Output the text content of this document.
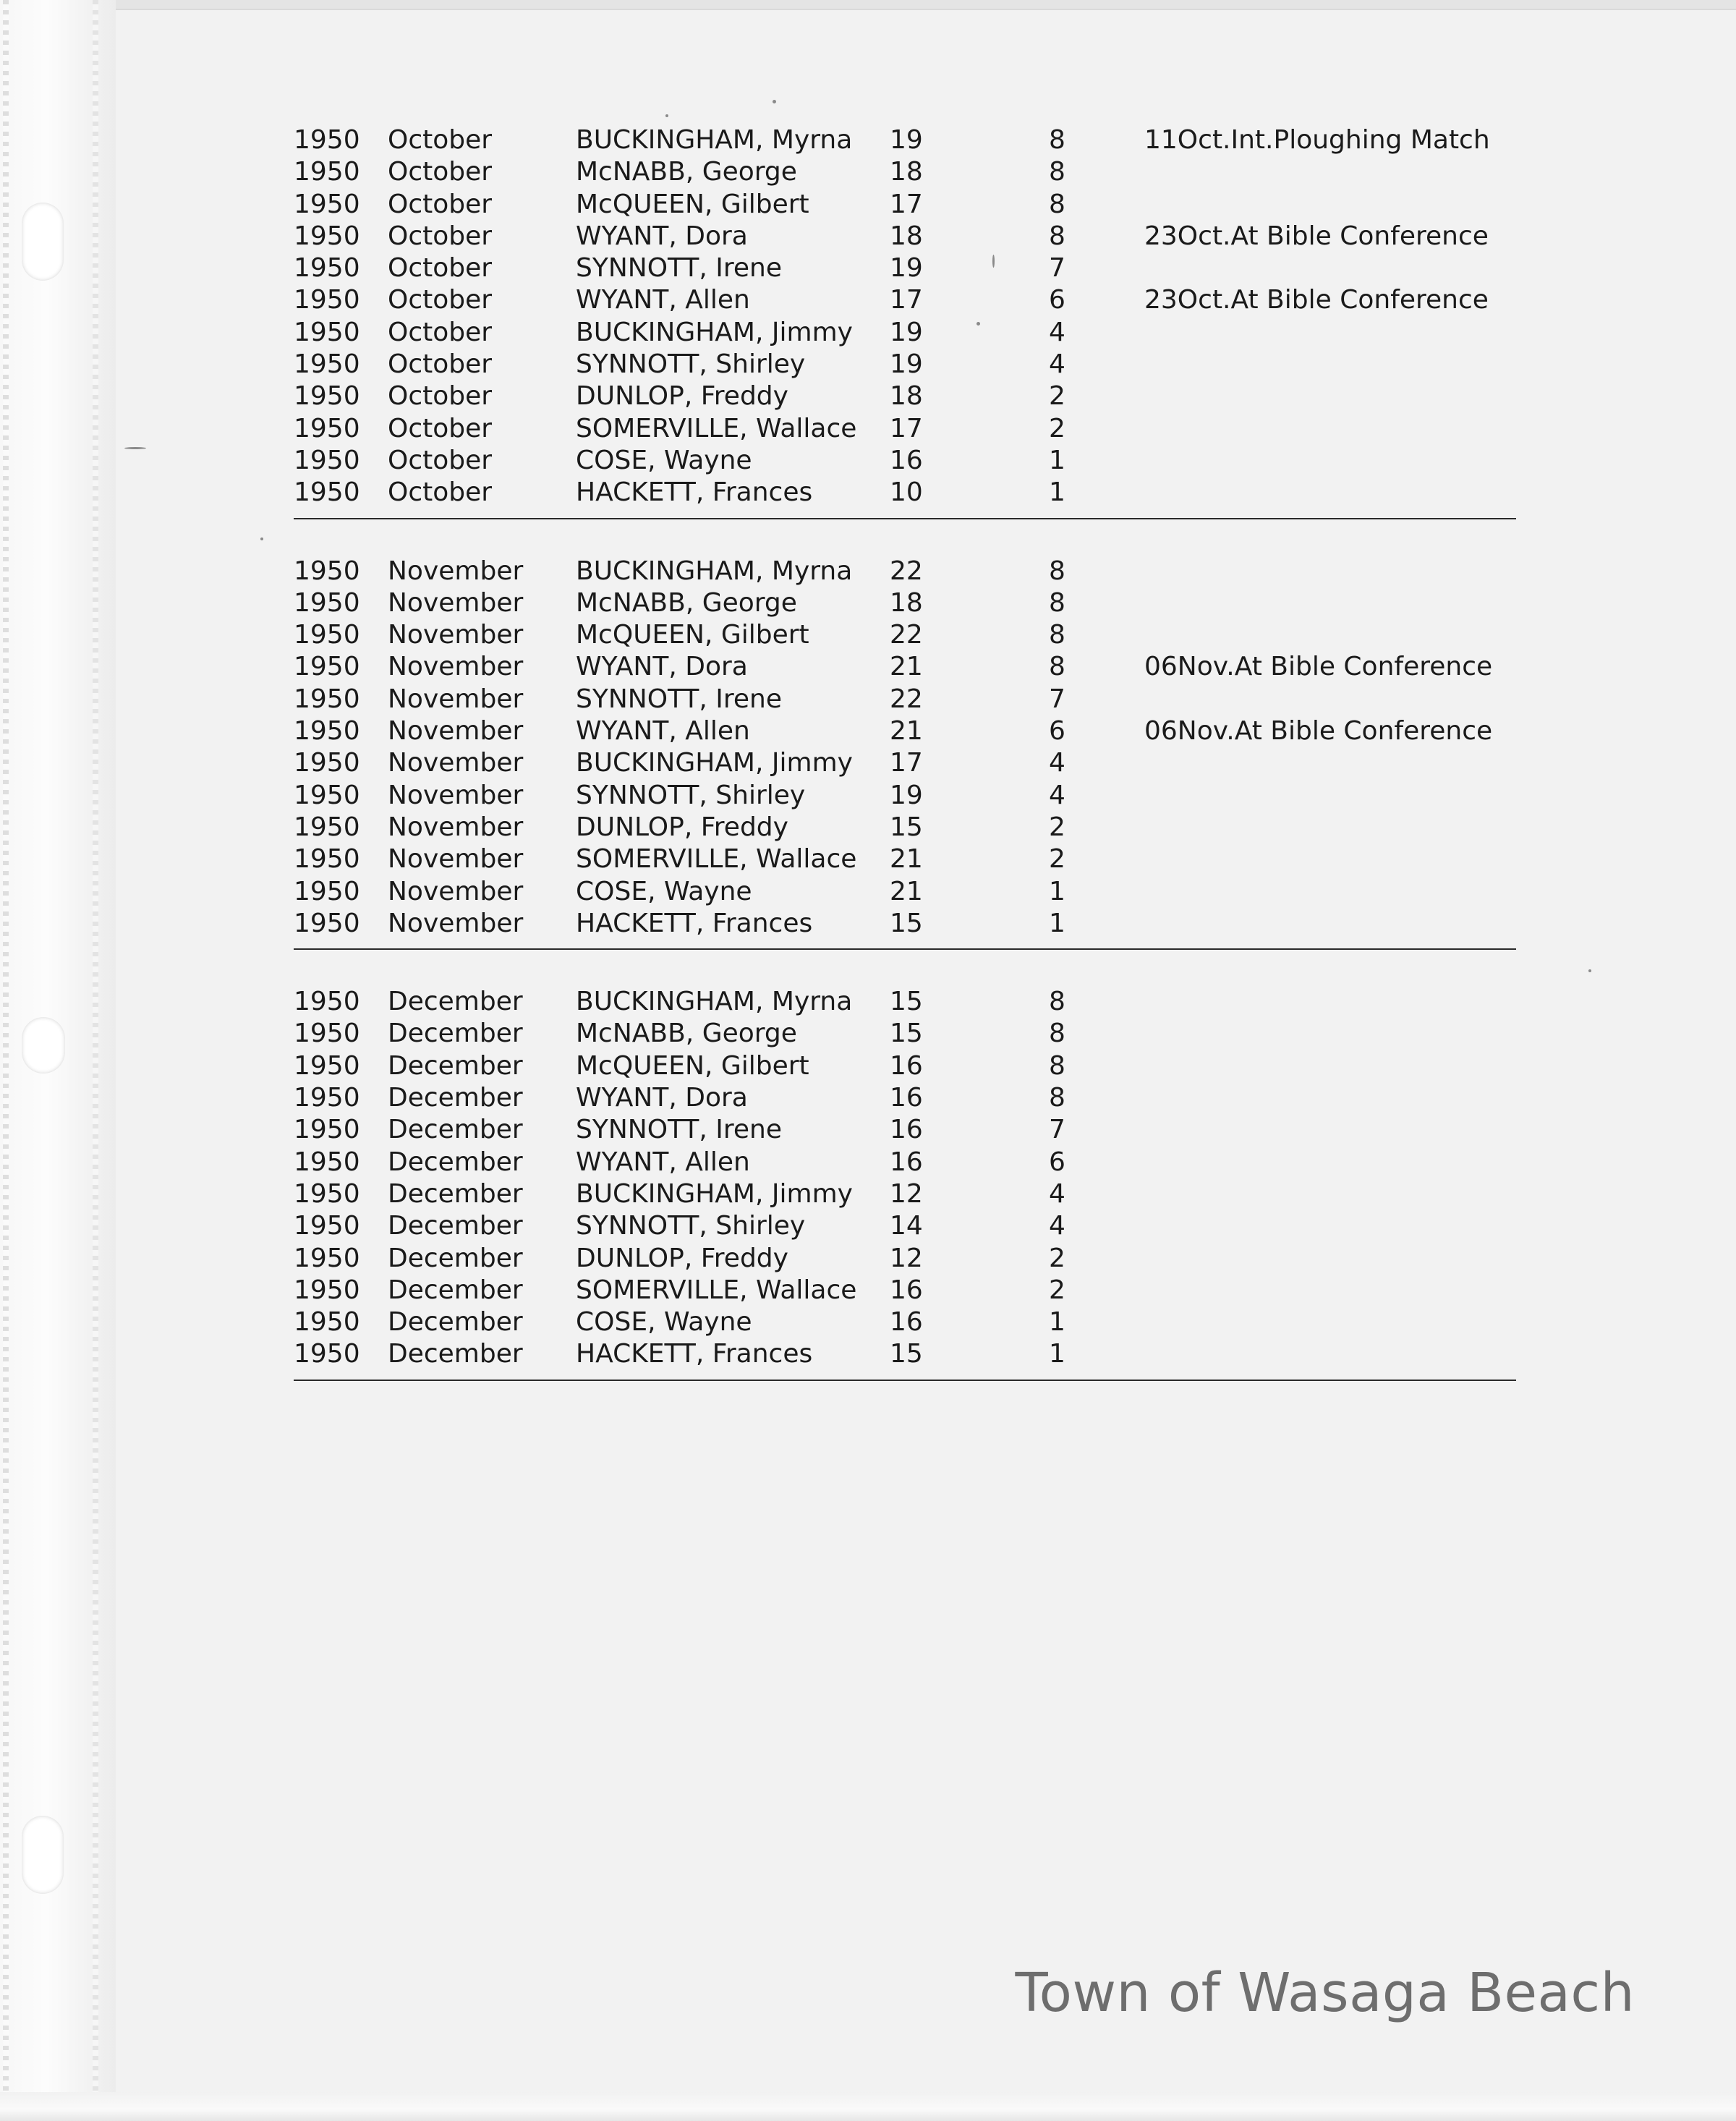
1950 October	BUCKINGHAM, Myrna 19	8	11Oct.Int.Ploughing Match
1950 October	McNABB, George	18	8
1950 October	McQUEEN, Gilbert	17	8
1950 October	WYANT, Dora	18	8	23Oct.At Bible Conference
1950 October	SYNNOTT, Irene	19	7
1950 October	WYANT, Allen	17	6	23Oct.At Bible Conference
1950 October	BUCKINGHAM, Jimmy 19	4
1950 October	SYNNOTT, Shirley	19	4
1950 October	DUNLOP, Freddy	18	2
1950 October	SOMERVILLE, Wallace 17	2
1950 October	COSE, Wayne	16	1
1950 October	HACKETT, Frances	10	1
1950 November BUCKINGHAM, Myrna 22	8
1950 November McNABB, George	18	8
1950 November McQUEEN, Gilbert	22	8
1950 November WYANT, Dora	21	8	06Nov.At Bible Conference
1950 November SYNNOTT, Irene	22	7
1950 November WYANT, Allen	21	6	06Nov.At Bible Conference
1950 November BUCKINGHAM, Jimmy 17	4
1950 November SYNNOTT, Shirley	19	4
1950 November DUNLOP, Freddy	15	2
1950 November SOMERVILLE, Wallace 21	2
1950 November COSE, Wayne	21	1
1950 November HACKETT, Frances	15	1
1950 December BUCKINGHAM, Myrna 15	8
1950 December McNABB, George	15	8
1950 December McQUEEN, Gilbert	16	8
1950 December WYANT, Dora	16	8
1950 December SYNNOTT, Irene	16	7
1950 December WYANT, Allen	16	6
1950 December BUCKINGHAM, Jimmy 12	4
1950 December SYNNOTT, Shirley	14	4
1950 December DUNLOP, Freddy	12	2
1950 December SOMERVILLE, Wallace 16	2
1950 December COSE, Wayne	16	1
1950 December HACKETT, Frances	15	1
Town of Wasaga Beach
